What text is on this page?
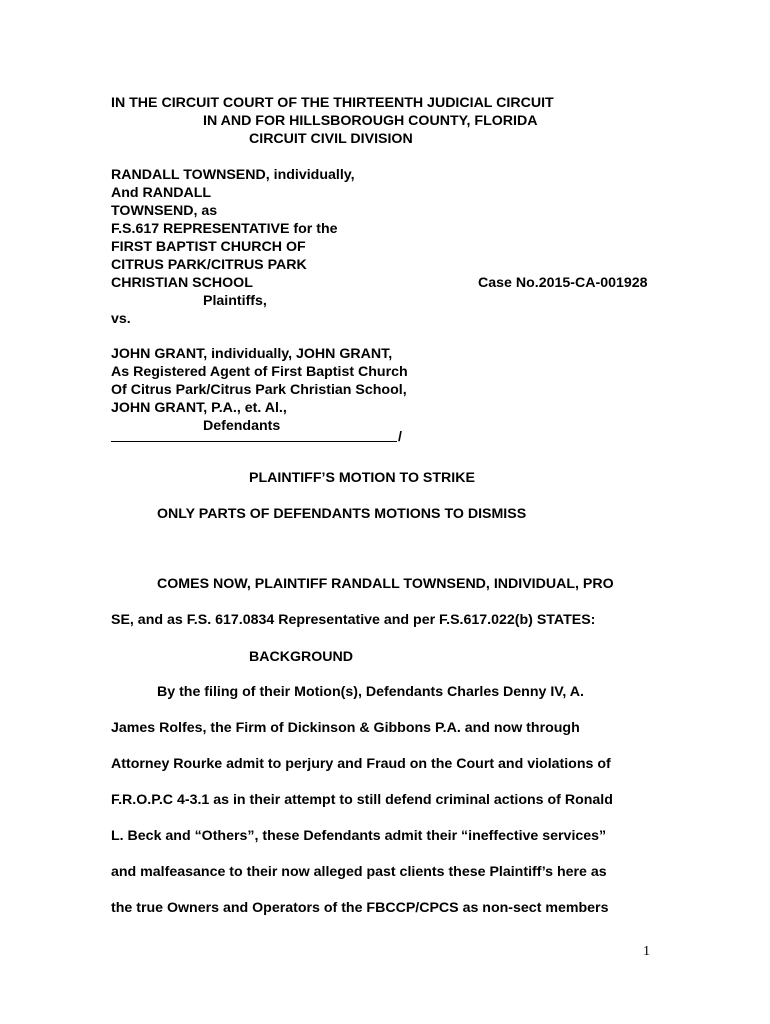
IN THE CIRCUIT COURT OF THE THIRTEENTH JUDICIAL CIRCUIT
IN AND FOR HILLSBOROUGH COUNTY, FLORIDA
CIRCUIT CIVIL DIVISION
RANDALL TOWNSEND, individually,
And RANDALL
TOWNSEND, as
F.S.617 REPRESENTATIVE for the
FIRST BAPTIST CHURCH OF
CITRUS PARK/CITRUS PARK
CHRISTIAN SCHOOL	Case No.2015-CA-001928
Plaintiffs,
vs.
JOHN GRANT, individually, JOHN GRANT,
As Registered Agent of First Baptist Church
Of Citrus Park/Citrus Park Christian School,
JOHN GRANT, P.A., et. Al.,
Defendants
/
PLAINTIFF’S MOTION TO STRIKE
ONLY PARTS OF DEFENDANTS MOTIONS TO DISMISS
COMES NOW, PLAINTIFF RANDALL TOWNSEND, INDIVIDUAL, PRO
SE, and as F.S. 617.0834 Representative and per F.S.617.022(b) STATES:
BACKGROUND
By the filing of their Motion(s), Defendants Charles Denny IV, A.
James Rolfes, the Firm of Dickinson & Gibbons P.A. and now through
Attorney Rourke admit to perjury and Fraud on the Court and violations of
F.R.O.P.C 4-3.1 as in their attempt to still defend criminal actions of Ronald
L. Beck and “Others”, these Defendants admit their “ineffective services”
and malfeasance to their now alleged past clients these Plaintiff’s here as
the true Owners and Operators of the FBCCP/CPCS as non-sect members
1
